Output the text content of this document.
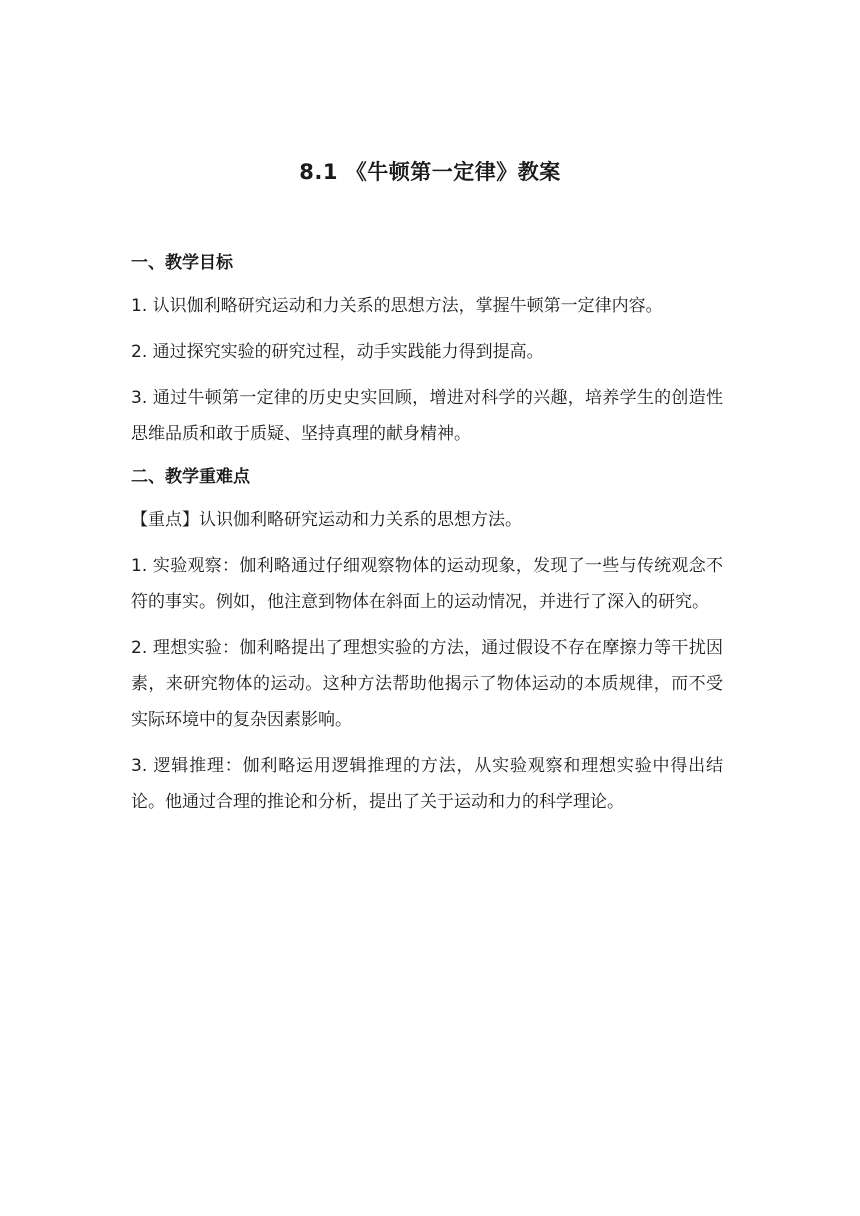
8.1 《牛顿第一定律》教案
一、教学目标

1. 认识伽利略研究运动和力关系的思想方法，掌握牛顿第一定律内容。

2. 通过探究实验的研究过程，动手实践能力得到提高。

3. 通过牛顿第一定律的历史史实回顾，增进对科学的兴趣，培养学生的创造性思维品质和敢于质疑、坚持真理的献身精神。

二、教学重难点

【重点】认识伽利略研究运动和力关系的思想方法。

1. 实验观察：伽利略通过仔细观察物体的运动现象，发现了一些与传统观念不符的事实。例如，他注意到物体在斜面上的运动情况，并进行了深入的研究。

2. 理想实验：伽利略提出了理想实验的方法，通过假设不存在摩擦力等干扰因素，来研究物体的运动。这种方法帮助他揭示了物体运动的本质规律，而不受实际环境中的复杂因素影响。

3. 逻辑推理：伽利略运用逻辑推理的方法，从实验观察和理想实验中得出结论。他通过合理的推论和分析，提出了关于运动和力的科学理论。
